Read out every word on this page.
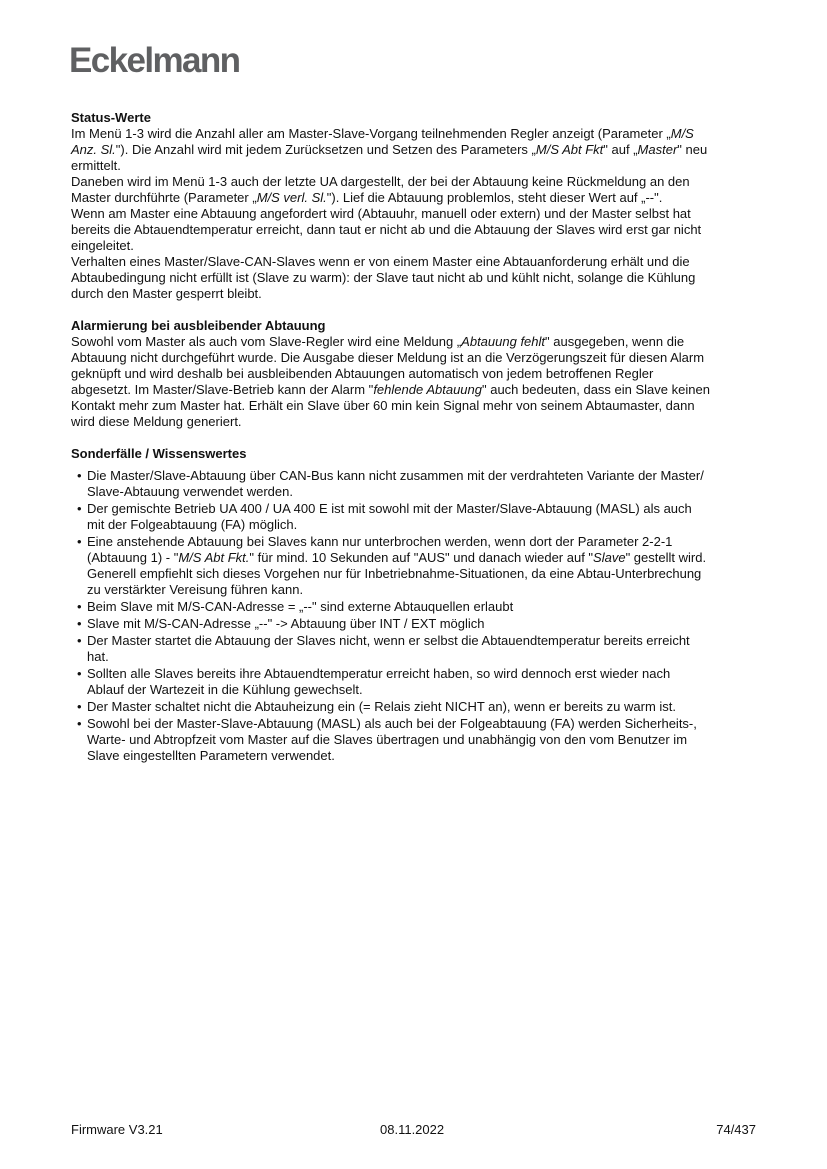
Eckelmann
Status-Werte
Im Menü 1-3 wird die Anzahl aller am Master-Slave-Vorgang teilnehmenden Regler anzeigt (Parameter „M/S
Anz. Sl."). Die Anzahl wird mit jedem Zurücksetzen und Setzen des Parameters „M/S Abt Fkt" auf „Master" neu
ermittelt.
Daneben wird im Menü 1-3 auch der letzte UA dargestellt, der bei der Abtauung keine Rückmeldung an den
Master durchführte (Parameter „M/S verl. Sl."). Lief die Abtauung problemlos, steht dieser Wert auf „--".
Wenn am Master eine Abtauung angefordert wird (Abtauuhr, manuell oder extern) und der Master selbst hat
bereits die Abtauendtemperatur erreicht, dann taut er nicht ab und die Abtauung der Slaves wird erst gar nicht
eingeleitet.
Verhalten eines Master/Slave-CAN-Slaves wenn er von einem Master eine Abtauanforderung erhält und die
Abtaubedingung nicht erfüllt ist (Slave zu warm): der Slave taut nicht ab und kühlt nicht, solange die Kühlung
durch den Master gesperrt bleibt.
Alarmierung bei ausbleibender Abtauung
Sowohl vom Master als auch vom Slave-Regler wird eine Meldung „Abtauung fehlt" ausgegeben, wenn die
Abtauung nicht durchgeführt wurde. Die Ausgabe dieser Meldung ist an die Verzögerungszeit für diesen Alarm
geknüpft und wird deshalb bei ausbleibenden Abtauungen automatisch von jedem betroffenen Regler
abgesetzt. Im Master/Slave-Betrieb kann der Alarm "fehlende Abtauung" auch bedeuten, dass ein Slave keinen
Kontakt mehr zum Master hat. Erhält ein Slave über 60 min kein Signal mehr von seinem Abtaumaster, dann
wird diese Meldung generiert.
Sonderfälle / Wissenswertes
• Die Master/Slave-Abtauung über CAN-Bus kann nicht zusammen mit der verdrahteten Variante der Master/
Slave-Abtauung verwendet werden.
• Der gemischte Betrieb UA 400 / UA 400 E ist mit sowohl mit der Master/Slave-Abtauung (MASL) als auch
mit der Folgeabtauung (FA) möglich.
• Eine anstehende Abtauung bei Slaves kann nur unterbrochen werden, wenn dort der Parameter 2-2-1
(Abtauung 1) - "M/S Abt Fkt." für mind. 10 Sekunden auf "AUS" und danach wieder auf "Slave" gestellt wird.
Generell empfiehlt sich dieses Vorgehen nur für Inbetriebnahme-Situationen, da eine Abtau-Unterbrechung
zu verstärkter Vereisung führen kann.
• Beim Slave mit M/S-CAN-Adresse = „--" sind externe Abtauquellen erlaubt
• Slave mit M/S-CAN-Adresse „--" -> Abtauung über INT / EXT möglich
• Der Master startet die Abtauung der Slaves nicht, wenn er selbst die Abtauendtemperatur bereits erreicht
hat.
• Sollten alle Slaves bereits ihre Abtauendtemperatur erreicht haben, so wird dennoch erst wieder nach
Ablauf der Wartezeit in die Kühlung gewechselt.
• Der Master schaltet nicht die Abtauheizung ein (= Relais zieht NICHT an), wenn er bereits zu warm ist.
• Sowohl bei der Master-Slave-Abtauung (MASL) als auch bei der Folgeabtauung (FA) werden Sicherheits-,
Warte- und Abtropfzeit vom Master auf die Slaves übertragen und unabhängig von den vom Benutzer im
Slave eingestellten Parametern verwendet.
Firmware V3.21	08.11.2022	74/437
